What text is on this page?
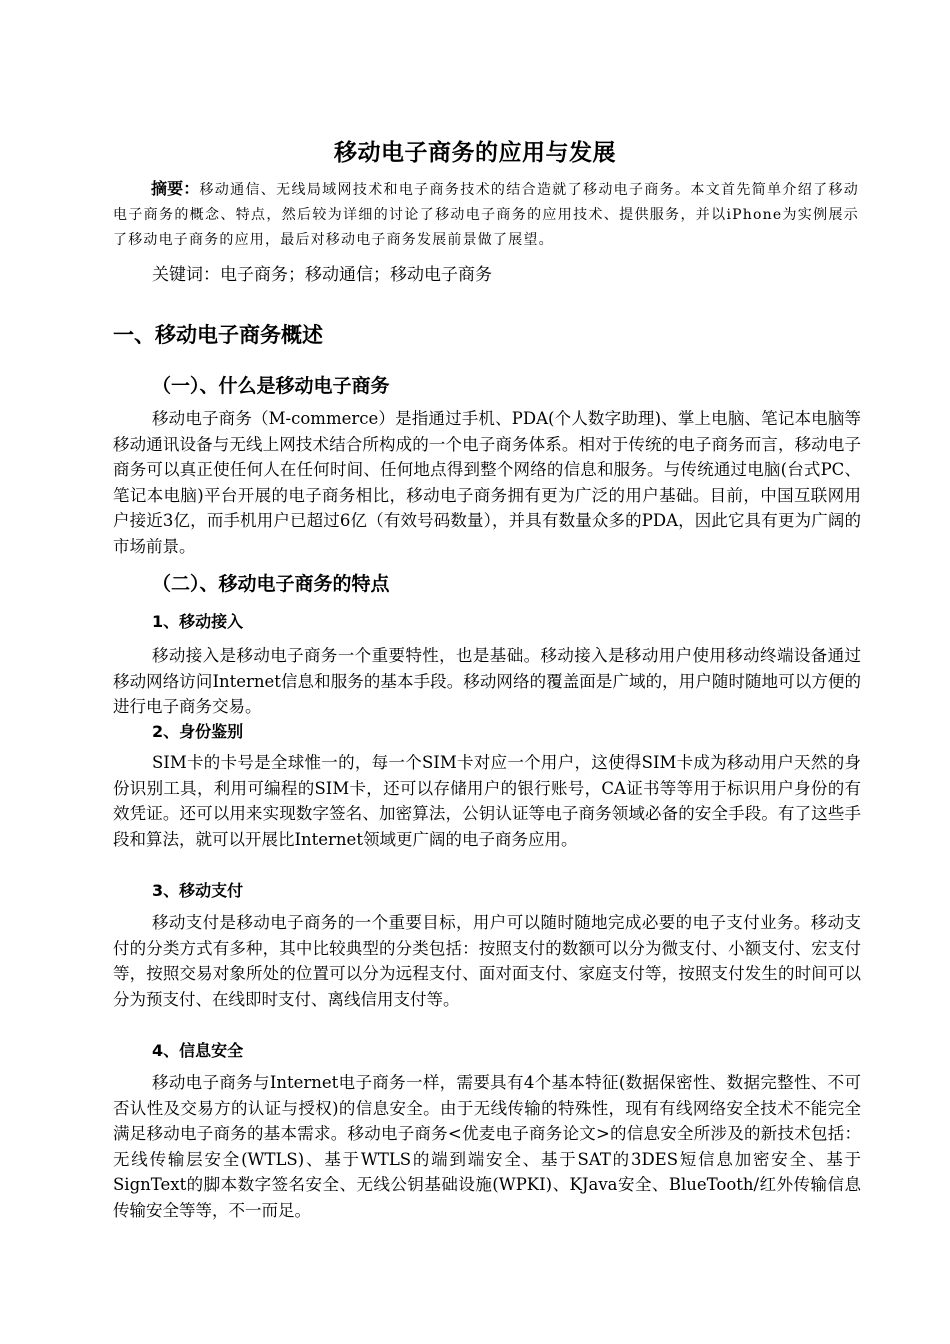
移动电子商务的应用与发展
摘要：移动通信、无线局域网技术和电子商务技术的结合造就了移动电子商务。本文首先简单介绍了移动电子商务的概念、特点，然后较为详细的讨论了移动电子商务的应用技术、提供服务，并以iPhone为实例展示了移动电子商务的应用，最后对移动电子商务发展前景做了展望。
关键词：电子商务；移动通信；移动电子商务
一、移动电子商务概述
（一）、什么是移动电子商务
移动电子商务（M-commerce）是指通过手机、PDA(个人数字助理)、掌上电脑、笔记本电脑等移动通讯设备与无线上网技术结合所构成的一个电子商务体系。相对于传统的电子商务而言，移动电子商务可以真正使任何人在任何时间、任何地点得到整个网络的信息和服务。与传统通过电脑(台式PC、笔记本电脑)平台开展的电子商务相比，移动电子商务拥有更为广泛的用户基础。目前，中国互联网用户接近3亿，而手机用户已超过6亿（有效号码数量），并具有数量众多的PDA，因此它具有更为广阔的市场前景。
（二）、移动电子商务的特点
1、移动接入
移动接入是移动电子商务一个重要特性，也是基础。移动接入是移动用户使用移动终端设备通过移动网络访问Internet信息和服务的基本手段。移动网络的覆盖面是广域的，用户随时随地可以方便的进行电子商务交易。
2、身份鉴别
SIM卡的卡号是全球惟一的，每一个SIM卡对应一个用户，这使得SIM卡成为移动用户天然的身份识别工具，利用可编程的SIM卡，还可以存储用户的银行账号，CA证书等等用于标识用户身份的有效凭证。还可以用来实现数字签名、加密算法，公钥认证等电子商务领域必备的安全手段。有了这些手段和算法，就可以开展比Internet领域更广阔的电子商务应用。
3、移动支付
移动支付是移动电子商务的一个重要目标，用户可以随时随地完成必要的电子支付业务。移动支付的分类方式有多种，其中比较典型的分类包括：按照支付的数额可以分为微支付、小额支付、宏支付等，按照交易对象所处的位置可以分为远程支付、面对面支付、家庭支付等，按照支付发生的时间可以分为预支付、在线即时支付、离线信用支付等。
4、信息安全
移动电子商务与Internet电子商务一样，需要具有4个基本特征(数据保密性、数据完整性、不可否认性及交易方的认证与授权)的信息安全。由于无线传输的特殊性，现有有线网络安全技术不能完全满足移动电子商务的基本需求。移动电子商务<优麦电子商务论文>的信息安全所涉及的新技术包括：无线传输层安全(WTLS)、基于WTLS的端到端安全、基于SAT的3DES短信息加密安全、基于SignText的脚本数字签名安全、无线公钥基础设施(WPKI)、KJava安全、BlueTooth/红外传输信息传输安全等等，不一而足。
